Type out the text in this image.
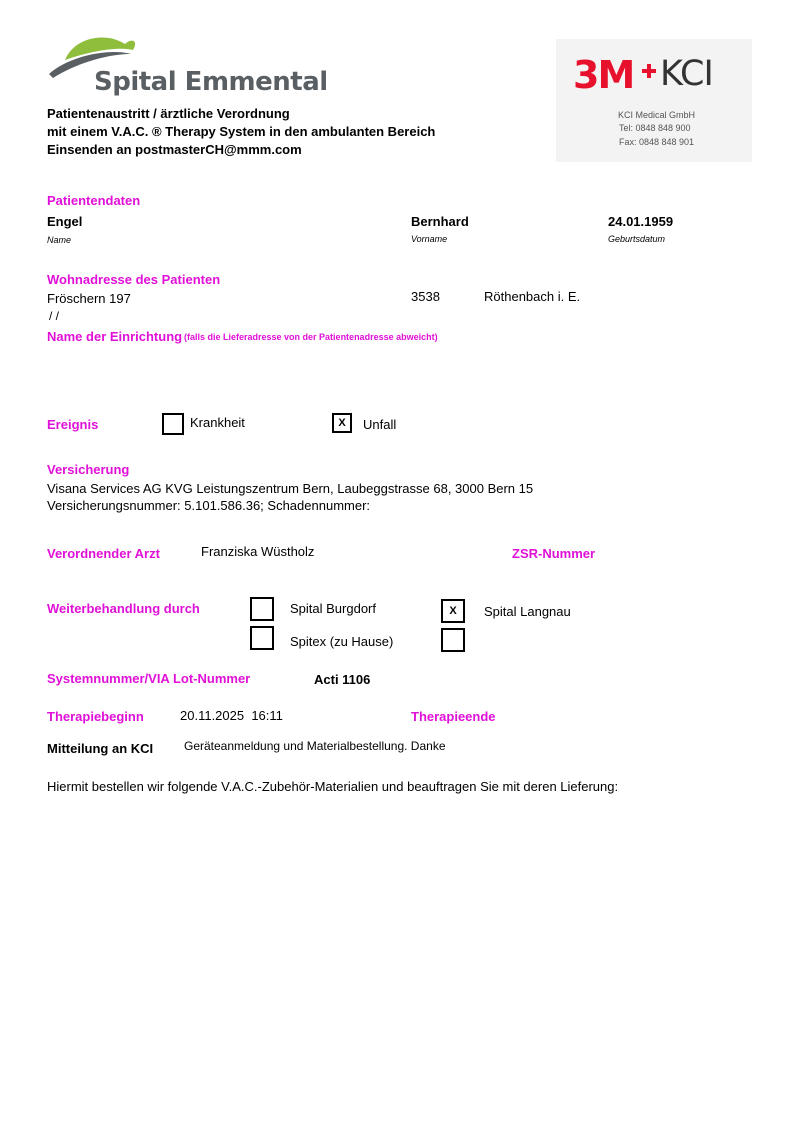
Spital Emmental	3M KCI
KCI Medical GmbH
Tel: 0848 848 900
Fax: 0848 848 901
Patientenaustritt / ärztliche Verordnung
mit einem V.A.C. ® Therapy System in den ambulanten Bereich
Einsenden an postmasterCH@mmm.com
Patientendaten
Engel	Bernhard	24.01.1959
Name	Vorname	Geburtsdatum
Wohnadresse des Patienten
Fröschern 197	3538	Röthenbach i. E.
/ /
Name der Einrichtung (falls die Lieferadresse von der Patientenadresse abweicht)
Ereignis	Krankheit	X	Unfall
Versicherung
Visana Services AG KVG Leistungszentrum Bern, Laubeggstrasse 68, 3000 Bern 15
Versicherungsnummer: 5.101.586.36; Schadennummer:
Verordnender Arzt	Franziska Wüstholz	ZSR-Nummer
Weiterbehandlung durch	Spital Burgdorf	X	Spital Langnau
Spitex (zu Hause)
Systemnummer/VIA Lot-Nummer	Acti 1106
Therapiebeginn	20.11.2025  16:11	Therapieende
Mitteilung an KCI	Geräteanmeldung und Materialbestellung. Danke
Hiermit bestellen wir folgende V.A.C.-Zubehör-Materialien und beauftragen Sie mit deren Lieferung:
